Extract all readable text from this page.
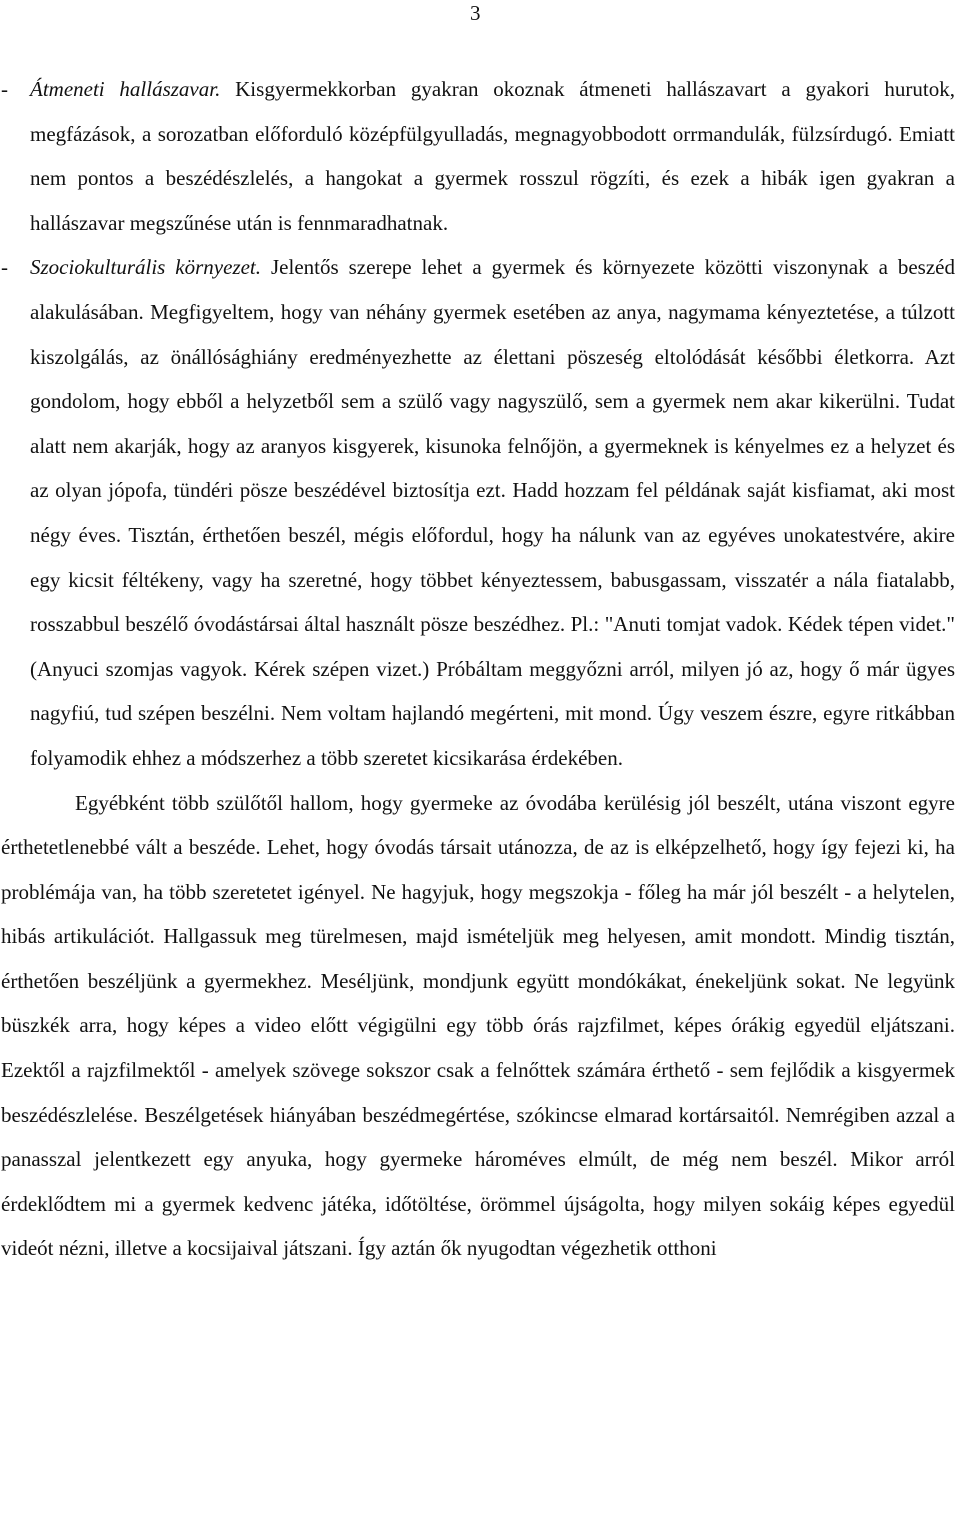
3

- Átmeneti hallászavar. Kisgyermekkorban gyakran okoznak átmeneti hallászavart a gyakori hurutok, megfázások, a sorozatban előforduló középfülgyulladás, megnagyobbodott orrmandulák, fülzsírdugó. Emiatt nem pontos a beszédészlelés, a hangokat a gyermek rosszul rögzíti, és ezek a hibák igen gyakran a hallászavar megszűnése után is fennmaradhatnak.

- Szociokulturális környezet. Jelentős szerepe lehet a gyermek és környezete közötti viszonynak a beszéd alakulásában. Megfigyeltem, hogy van néhány gyermek esetében az anya, nagymama kényeztetése, a túlzott kiszolgálás, az önállósághiány eredményezhette az élettani pöszeség eltolódását későbbi életkorra. Azt gondolom, hogy ebből a helyzetből sem a szülő vagy nagyszülő, sem a gyermek nem akar kikerülni. Tudat alatt nem akarják, hogy az aranyos kisgyerek, kisunoka felnőjön, a gyermeknek is kényelmes ez a helyzet és az olyan jópofa, tündéri pösze beszédével biztosítja ezt. Hadd hozzam fel példának saját kisfiamat, aki most négy éves. Tisztán, érthetően beszél, mégis előfordul, hogy ha nálunk van az egyéves unokatestvére, akire egy kicsit féltékeny, vagy ha szeretné, hogy többet kényeztessem, babusgassam, visszatér a nála fiatalabb, rosszabbul beszélő óvodástársai által használt pösze beszédhez. Pl.: "Anuti tomjat vadok. Kédek tépen videt." (Anyuci szomjas vagyok. Kérek szépen vizet.) Próbáltam meggyőzni arról, milyen jó az, hogy ő már ügyes nagyfiú, tud szépen beszélni. Nem voltam hajlandó megérteni, mit mond. Úgy veszem észre, egyre ritkábban folyamodik ehhez a módszerhez a több szeretet kicsikarása érdekében.

Egyébként több szülőtől hallom, hogy gyermeke az óvodába kerülésig jól beszélt, utána viszont egyre érthetetlenebbé vált a beszéde. Lehet, hogy óvodás társait utánozza, de az is elképzelhető, hogy így fejezi ki, ha problémája van, ha több szeretetet igényel. Ne hagyjuk, hogy megszokja - főleg ha már jól beszélt - a helytelen, hibás artikulációt. Hallgassuk meg türelmesen, majd ismételjük meg helyesen, amit mondott. Mindig tisztán, érthetően beszéljünk a gyermekhez. Meséljünk, mondjunk együtt mondókákat, énekeljünk sokat. Ne legyünk büszkék arra, hogy képes a video előtt végigülni egy több órás rajzfilmet, képes órákig egyedül eljátszani. Ezektől a rajzfilmektől - amelyek szövege sokszor csak a felnőttek számára érthető - sem fejlődik a kisgyermek beszédészlelése. Beszélgetések hiányában beszédmegértése, szókincse elmarad kortársaitól. Nemrégiben azzal a panasszal jelentkezett egy anyuka, hogy gyermeke hároméves elmúlt, de még nem beszél. Mikor arról érdeklődtem mi a gyermek kedvenc játéka, időtöltése, örömmel újságolta, hogy milyen sokáig képes egyedül videót nézni, illetve a kocsijaival játszani. Így aztán ők nyugodtan végezhetik otthoni
